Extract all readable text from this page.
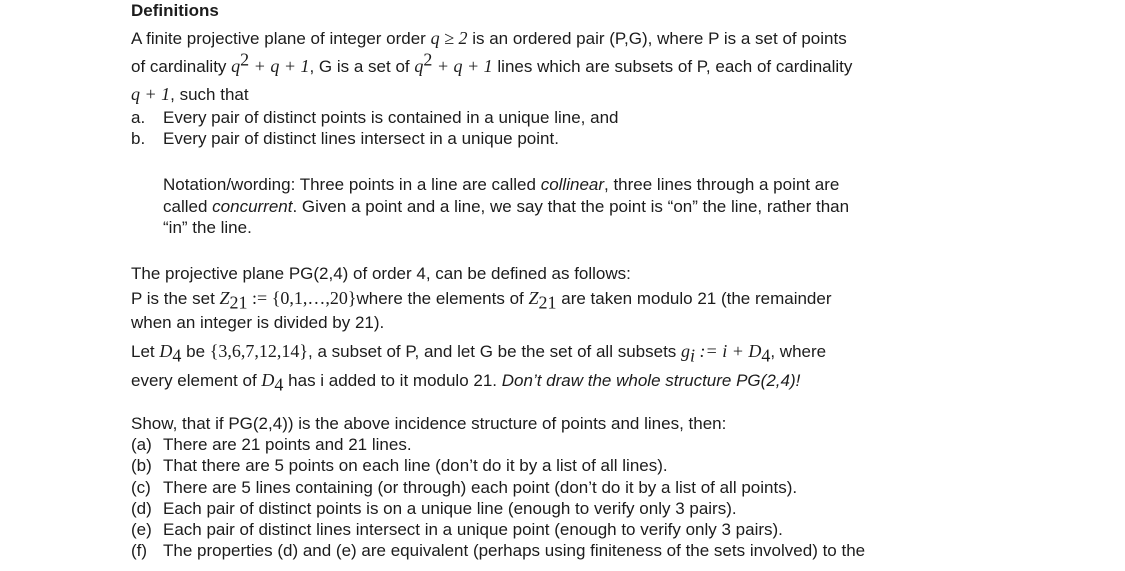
Definitions
A finite projective plane of integer order q ≥ 2 is an ordered pair (P,G), where P is a set of points
of cardinality $q^2 + q + 1$, G is a set of $q^2 + q + 1$ lines which are subsets of P, each of cardinality
q + 1, such that
a. Every pair of distinct points is contained in a unique line, and
b. Every pair of distinct lines intersect in a unique point.
Notation/wording: Three points in a line are called collinear, three lines through a point are
called concurrent. Given a point and a line, we say that the point is “on” the line, rather than
“in” the line.
The projective plane PG(2,4) of order 4, can be defined as follows:
P is the set $Z_{21}$ := {0,1,…,20}where the elements of $Z_{21}$ are taken modulo 21 (the remainder
when an integer is divided by 21).
Let $D_4$ be {3,6,7,12,14}, a subset of P, and let G be the set of all subsets $g_i$ := $i + D_4$, where
every element of $D_4$ has i added to it modulo 21. Don’t draw the whole structure PG(2,4)!
Show, that if PG(2,4)) is the above incidence structure of points and lines, then:
(a) There are 21 points and 21 lines.
(b) That there are 5 points on each line (don’t do it by a list of all lines).
(c) There are 5 lines containing (or through) each point (don’t do it by a list of all points).
(d) Each pair of distinct points is on a unique line (enough to verify only 3 pairs).
(e) Each pair of distinct lines intersect in a unique point (enough to verify only 3 pairs).
(f) The properties (d) and (e) are equivalent (perhaps using finiteness of the sets involved) to the
